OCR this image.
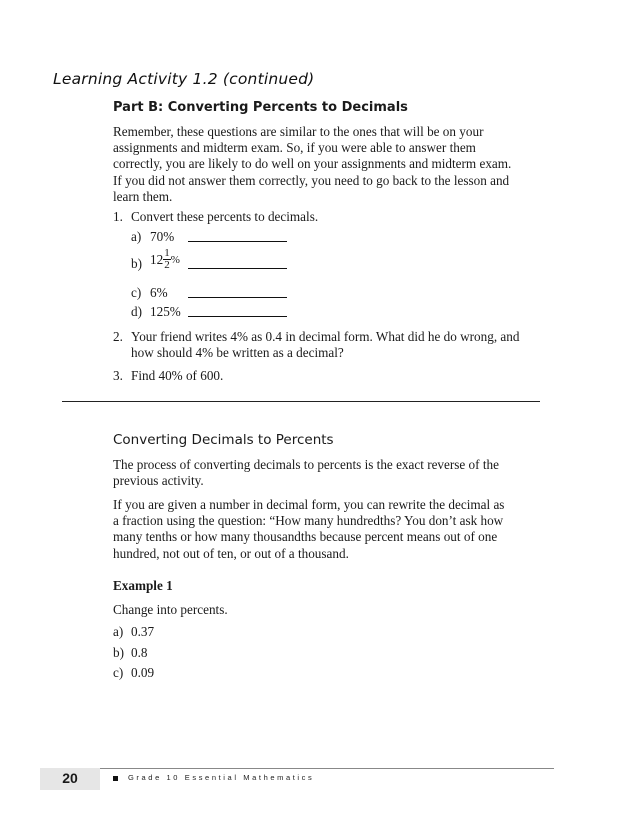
Learning Activity 1.2 (continued)
Part B: Converting Percents to Decimals
Remember, these questions are similar to the ones that will be on your
assignments and midterm exam. So, if you were able to answer them
correctly, you are likely to do well on your assignments and midterm exam.
If you did not answer them correctly, you need to go back to the lesson and
learn them.
1. Convert these percents to decimals.
a) 70%
b) $12 \frac{1}{2}$ %
c) 6%
d) 125%
2. Your friend writes 4% as 0.4 in decimal form. What did he do wrong, and
how should 4% be written as a decimal?
3. Find 40% of 600.
Converting Decimals to Percents
The process of converting decimals to percents is the exact reverse of the
previous activity.
If you are given a number in decimal form, you can rewrite the decimal as
a fraction using the question: “How many hundredths? You don’t ask how
many tenths or how many thousandths because percent means out of one
hundred, not out of ten, or out of a thousand.
Example 1
Change into percents.
a) 0.37
b) 0.8
c) 0.09
20	Grade 10 Essential Mathematics
